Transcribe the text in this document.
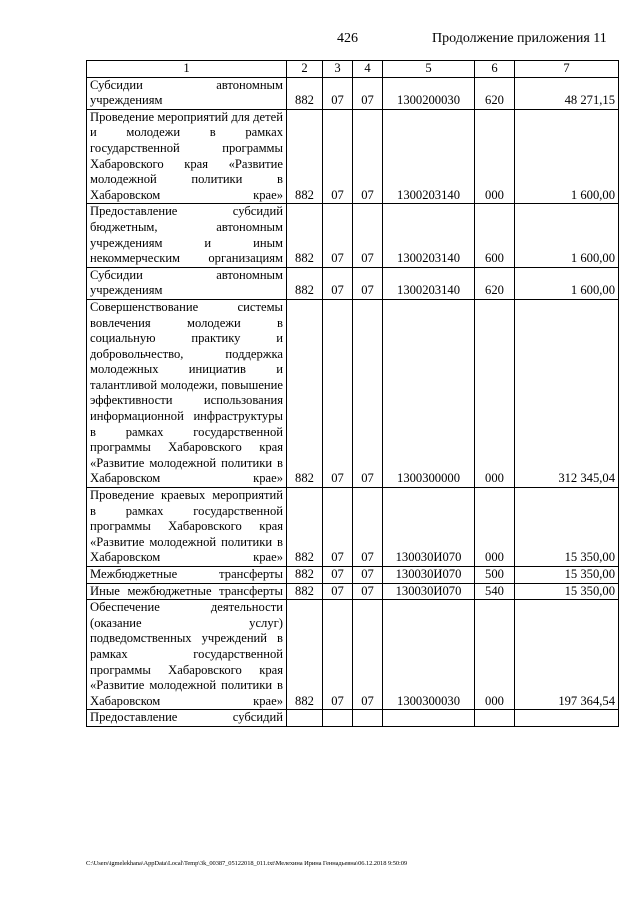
426	Продолжение приложения 11
1	2	3	4	5	6	7
Субсидии автономным учреждениям	882	07	07	1300200030	620	48 271,15
Проведение мероприятий для детей и молодежи в рамках государственной программы Хабаровского края «Развитие молодежной политики в Хабаровском крае»	882	07	07	1300203140	000	1 600,00
Предоставление субсидий бюджетным, автономным учреждениям и иным некоммерческим организациям	882	07	07	1300203140	600	1 600,00
Субсидии автономным учреждениям	882	07	07	1300203140	620	1 600,00
Совершенствование системы вовлечения молодежи в социальную практику и добровольчество, поддержка молодежных инициатив и талантливой молодежи, повышение эффективности использования информационной инфраструктуры в рамках государственной программы Хабаровского края «Развитие молодежной политики в Хабаровском крае»	882	07	07	1300300000	000	312 345,04
Проведение краевых мероприятий в рамках государственной программы Хабаровского края «Развитие молодежной политики в Хабаровском крае»	882	07	07	130030И070	000	15 350,00
Межбюджетные трансферты	882	07	07	130030И070	500	15 350,00
Иные межбюджетные трансферты	882	07	07	130030И070	540	15 350,00
Обеспечение деятельности (оказание услуг) подведомственных учреждений в рамках государственной программы Хабаровского края «Развитие молодежной политики в Хабаровском крае»	882	07	07	1300300030	000	197 364,54
Предоставление субсидий						
C:\Users\igmelekhana\AppData\Local\Temp\3k_00387_05122018_011.txt\Мелехина Ирина Геннадьевна\06.12.2018 9:50:09
